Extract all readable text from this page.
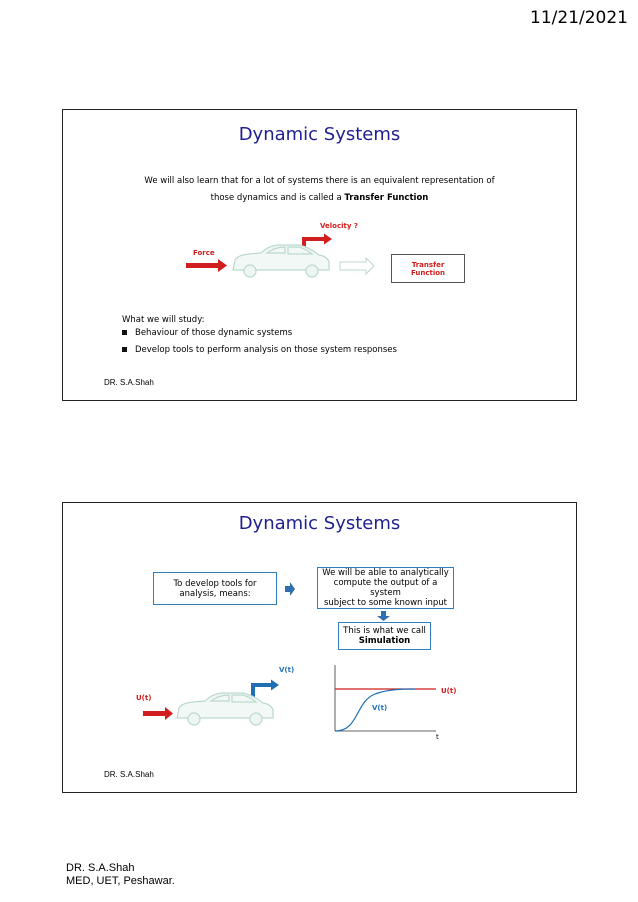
11/21/2021
Dynamic Systems
We will also learn that for a lot of systems there is an equivalent representation of
those dynamics and is called a Transfer Function
Velocity ?
Force
Transfer
Function
What we will study:
Behaviour of those dynamic systems
Develop tools to perform analysis on those system responses
DR. S.A.Shah
Dynamic Systems
To develop tools for
analysis, means:
We will be able to analytically
compute the output of a system
subject to some known input
This is what we call
Simulation
V(t)
U(t)
U(t)
V(t)
t
DR. S.A.Shah
DR. S.A.Shah
MED, UET, Peshawar.
